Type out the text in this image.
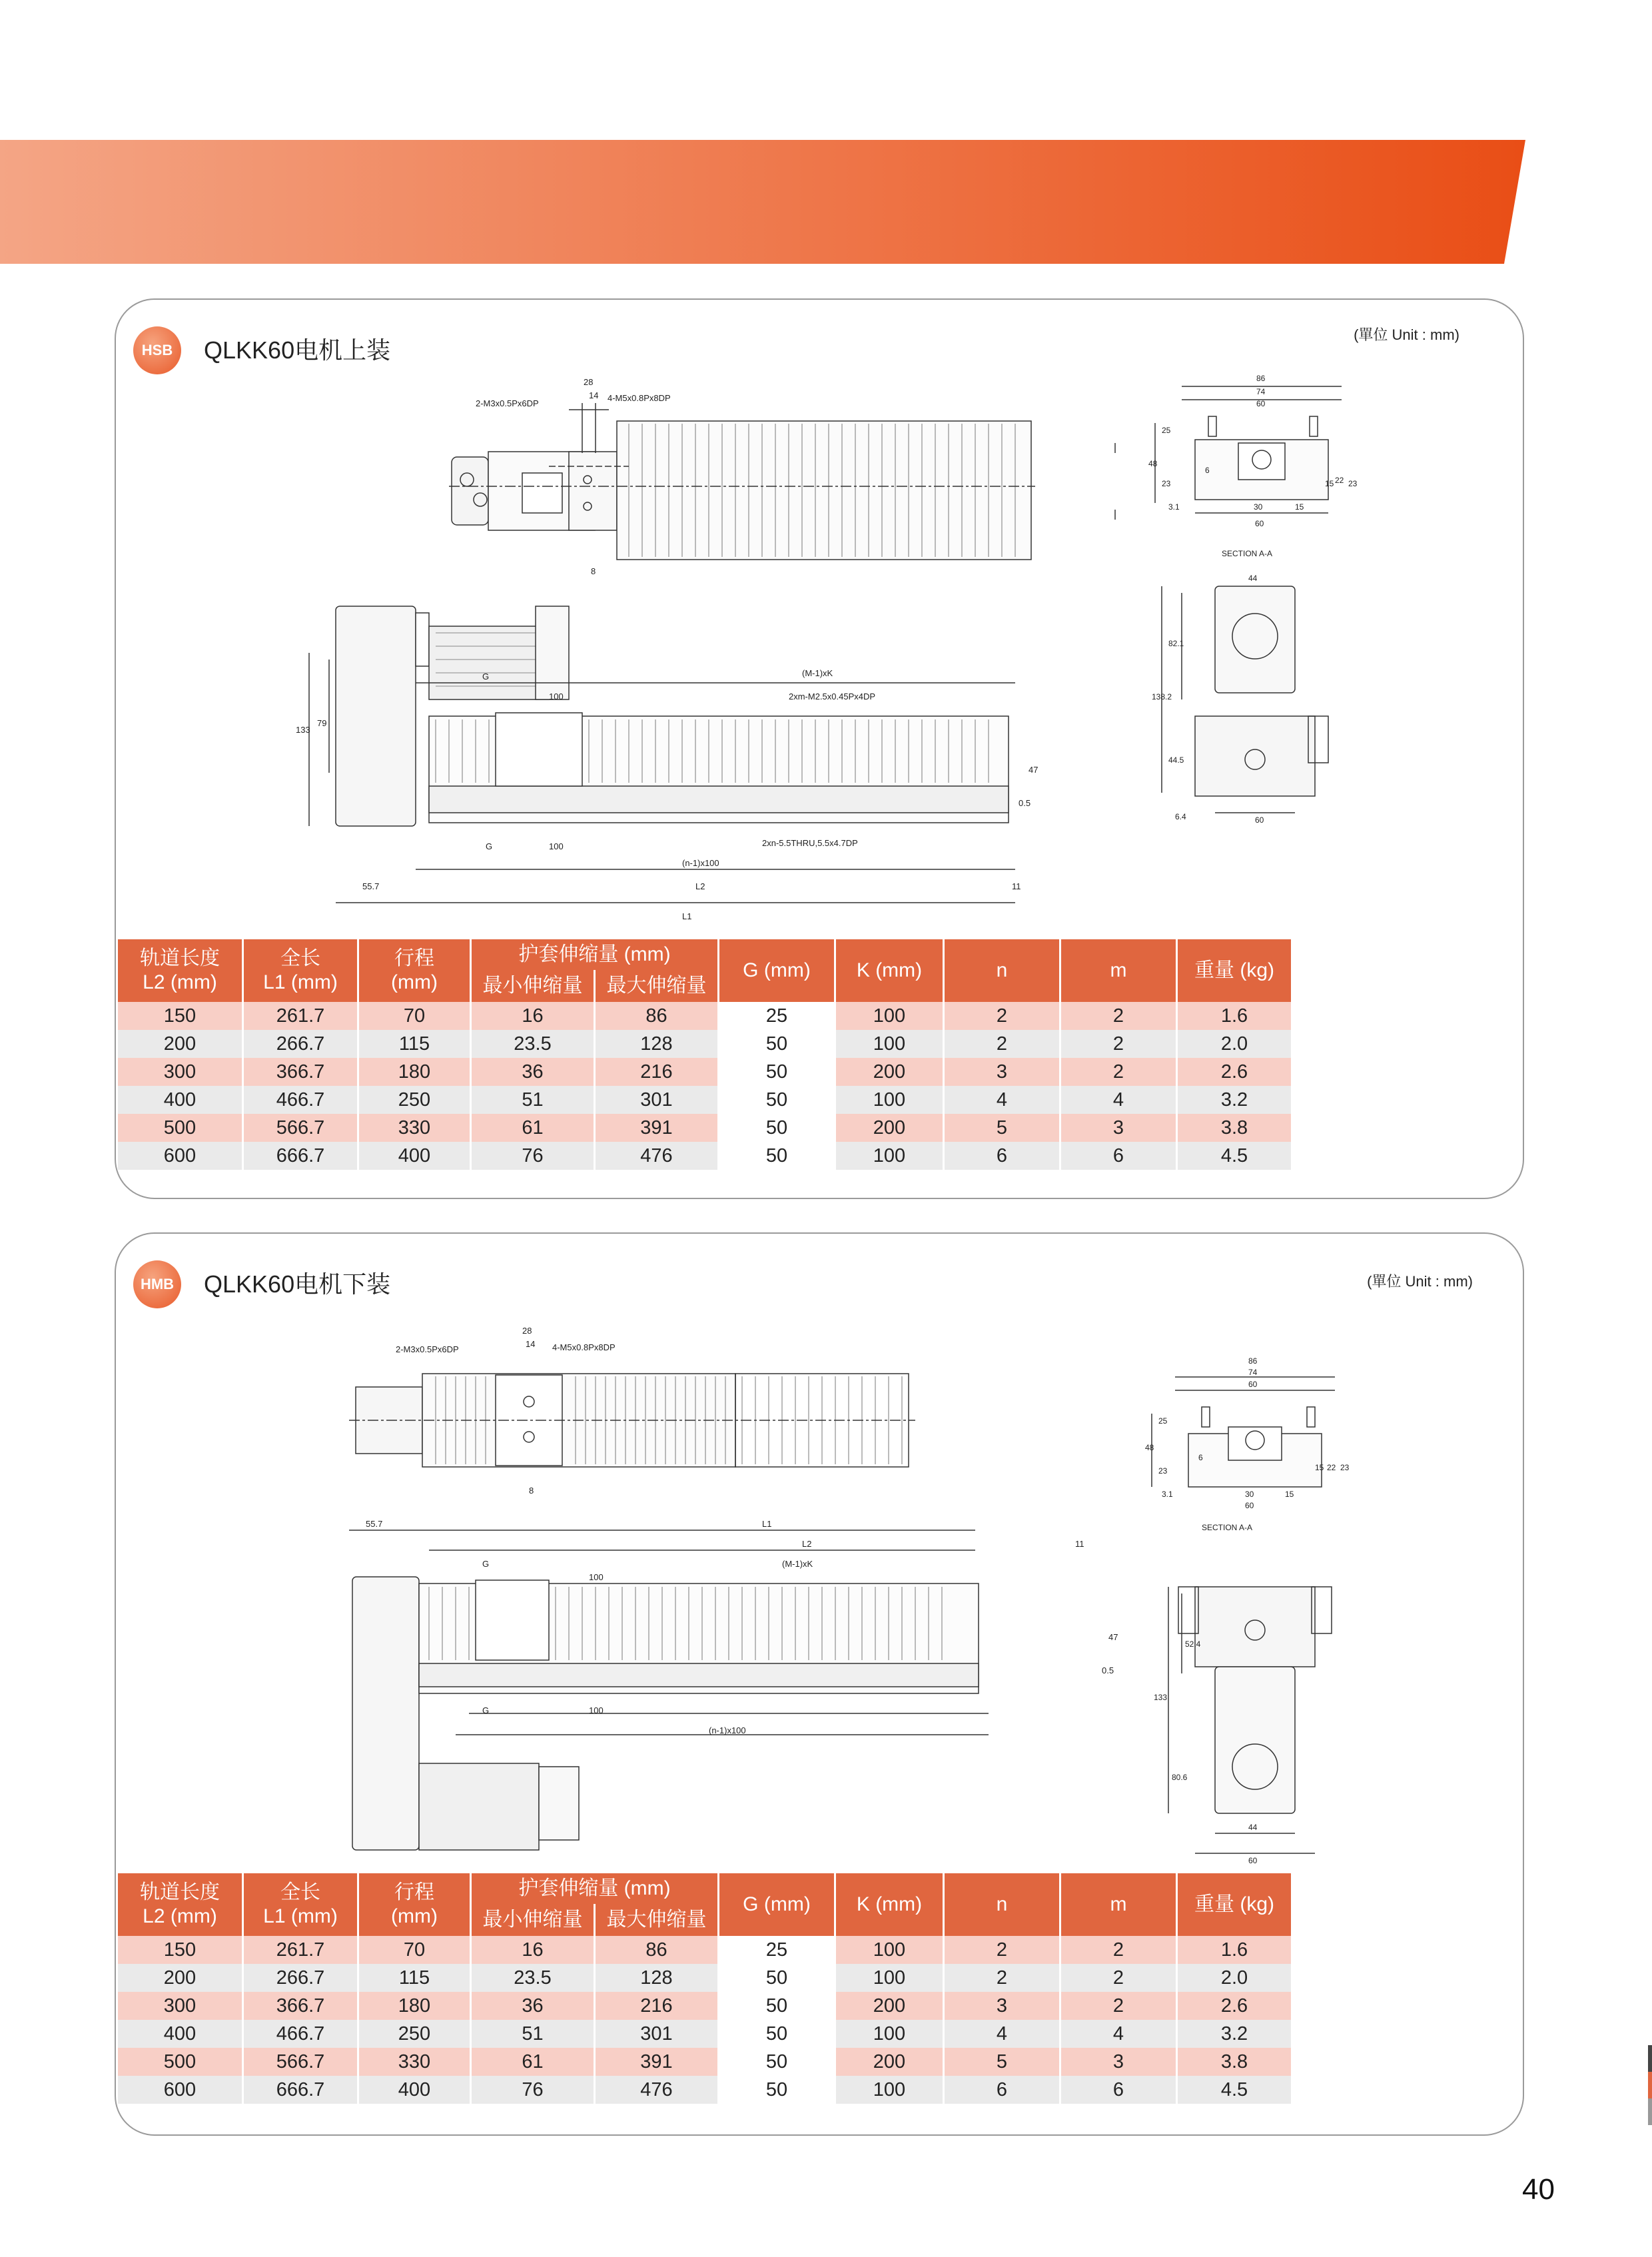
HSB	QLKK60电机上装
(單位 Unit : mm)
28
14
2-M3x0.5Px6DP
4-M5x0.8Px8DP
8
86
74
60
25
48
23
6
22
15 23
3.1	30	15
60
SECTION A-A
G	(M-1)xK
100	2xm-M2.5x0.45Px4DP
133
79
47
0.5
G	100	2xn-5.5THRU,5.5x4.7DP
(n-1)x100
55.7	L2	11
L1
44
82.1
138.2
44.5
6.4	60
轨道长度
L2 (mm)	全长
L1 (mm)	行程
(mm)	护套伸缩量 (mm)		G (mm)	K (mm)	n	m	重量 (kg)
			最小伸缩量	最大伸缩量					
150	261.7	70	16	86	25	100	2	2	1.6
200	266.7	115	23.5	128	50	100	2	2	2.0
300	366.7	180	36	216	50	200	3	2	2.6
400	466.7	250	51	301	50	100	4	4	3.2
500	566.7	330	61	391	50	200	5	3	3.8
600	666.7	400	76	476	50	100	6	6	4.5
HMB	QLKK60电机下装	(單位 Unit : mm)
28
14
2-M3x0.5Px6DP	4-M5x0.8Px8DP
8
86
74
60
25
48
23
6
15 22 23
3.1	30	15
60
SECTION A-A
55.7	L1
L2	11
G	(M-1)xK
100
47
0.5
G	100
(n-1)x100
52.4
133
80.6
44
60
轨道长度
L2 (mm)	全长
L1 (mm)	行程
(mm)	护套伸缩量 (mm)		G (mm)	K (mm)	n	m	重量 (kg)
			最小伸缩量	最大伸缩量					
150	261.7	70	16	86	25	100	2	2	1.6
200	266.7	115	23.5	128	50	100	2	2	2.0
300	366.7	180	36	216	50	200	3	2	2.6
400	466.7	250	51	301	50	100	4	4	3.2
500	566.7	330	61	391	50	200	5	3	3.8
600	666.7	400	76	476	50	100	6	6	4.5
40
